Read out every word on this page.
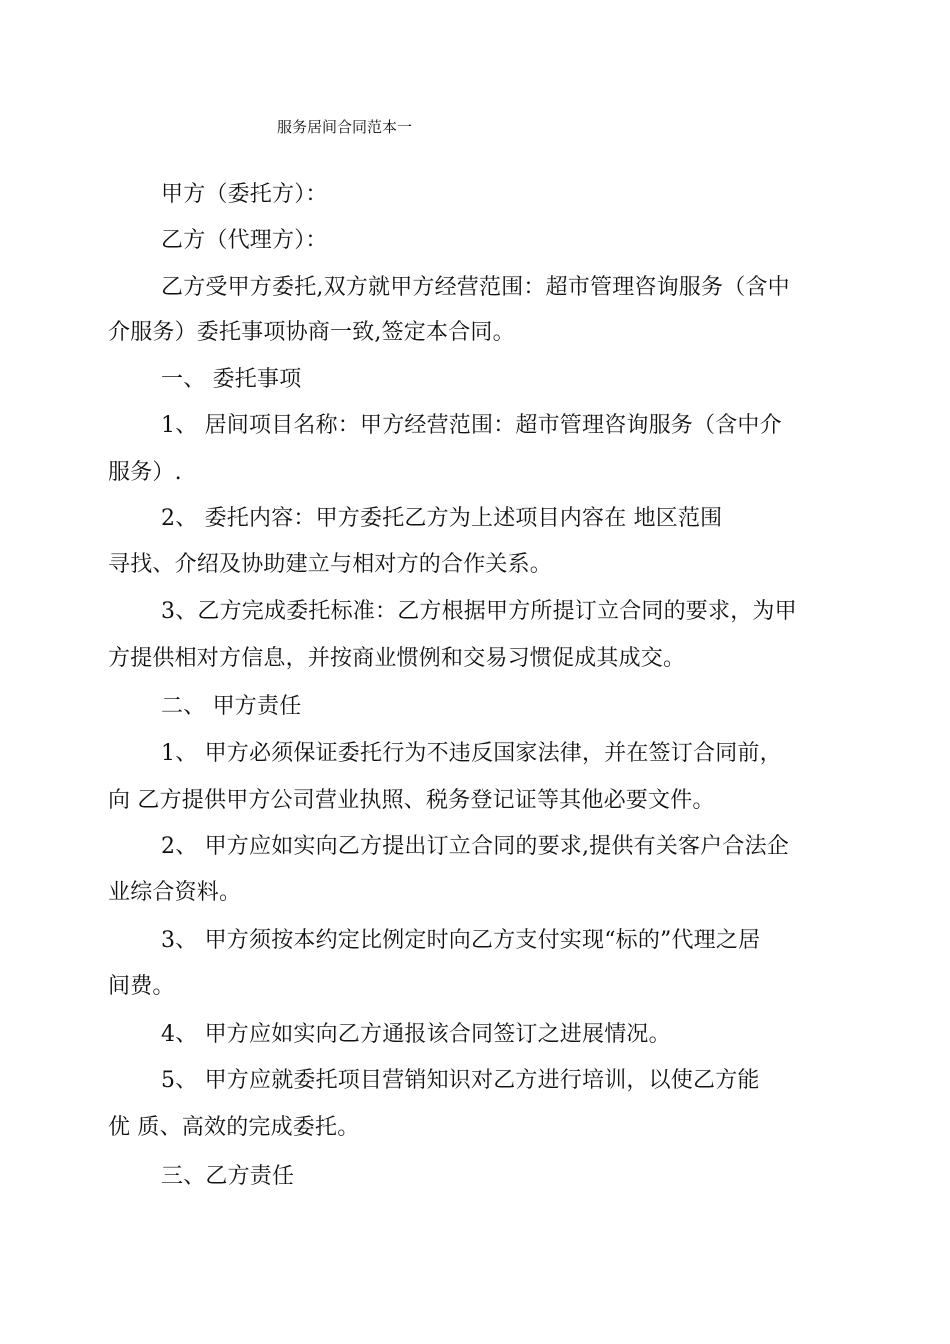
服务居间合同范本一
甲方（委托方）：
乙方（代理方）：
乙方受甲方委托,双方就甲方经营范围：超市管理咨询服务（含中
介服务）委托事项协商一致,签定本合同。
一、 委托事项
1、 居间项目名称：甲方经营范围：超市管理咨询服务（含中介
服务）.
2、 委托内容：甲方委托乙方为上述项目内容在 地区范围
寻找、介绍及协助建立与相对方的合作关系。
3、乙方完成委托标准：乙方根据甲方所提订立合同的要求，为甲
方提供相对方信息，并按商业惯例和交易习惯促成其成交。
二、 甲方责任
1、 甲方必须保证委托行为不违反国家法律，并在签订合同前，
向 乙方提供甲方公司营业执照、税务登记证等其他必要文件。
2、 甲方应如实向乙方提出订立合同的要求,提供有关客户合法企
业综合资料。
3、 甲方须按本约定比例定时向乙方支付实现“标的”代理之居
间费。
4、 甲方应如实向乙方通报该合同签订之进展情况。
5、 甲方应就委托项目营销知识对乙方进行培训，以使乙方能
优 质、高效的完成委托。
三、乙方责任
